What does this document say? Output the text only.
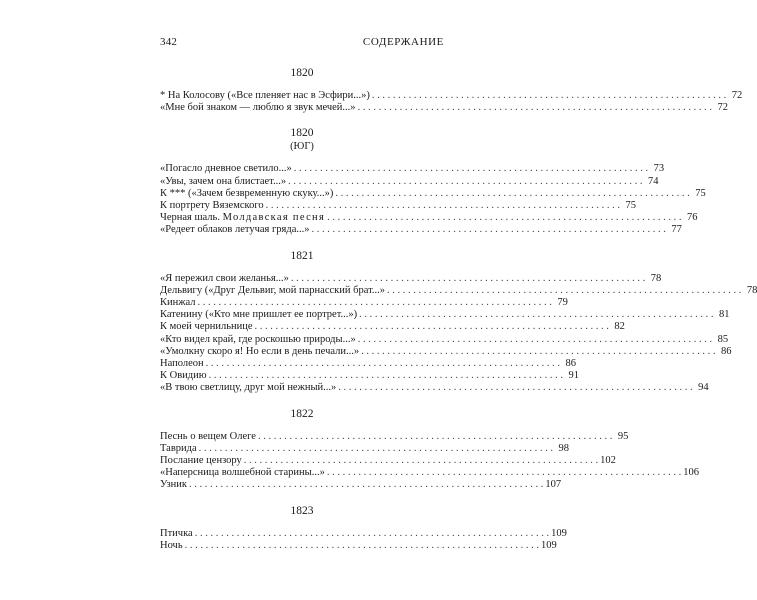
342	СОДЕРЖАНИЕ
1820
* На Колосову («Все пленяет нас в Эсфири...») . . .	72
«Мне бой знаком — люблю я звук мечей...» . . .	72
1820
(ЮГ)
«Погасло дневное светило...» . . .	73
«Увы, зачем она блистает...» . . .	74
К *** («Зачем безвременную скуку...») . . .	75
К портрету Вяземского . . .	75
Черная шаль. Молдавская песня . . .	76
«Редеет облаков летучая гряда...» . . .	77
1821
«Я пережил свои желанья...» . . .	78
Дельвигу («Друг Дельвиг, мой парнасский брат...» . . .	78
Кинжал . . .	79
Катенину («Кто мне пришлет ее портрет...») . . .	81
К моей чернильнице . . .	82
«Кто видел край, где роскошью природы...» . . .	85
«Умолкну скоро я! Но если в день печали...» . . .	86
Наполеон . . .	86
К Овидию . . .	91
«В твою светлицу, друг мой нежный...» . . .	94
1822
Песнь о вещем Олеге . . .	95
Таврида . . .	98
Послание цензору . . .	102
«Наперсница волшебной старины...» . . .	106
Узник . . .	107
1823
Птичка . . .	109
Ночь . . .	109
